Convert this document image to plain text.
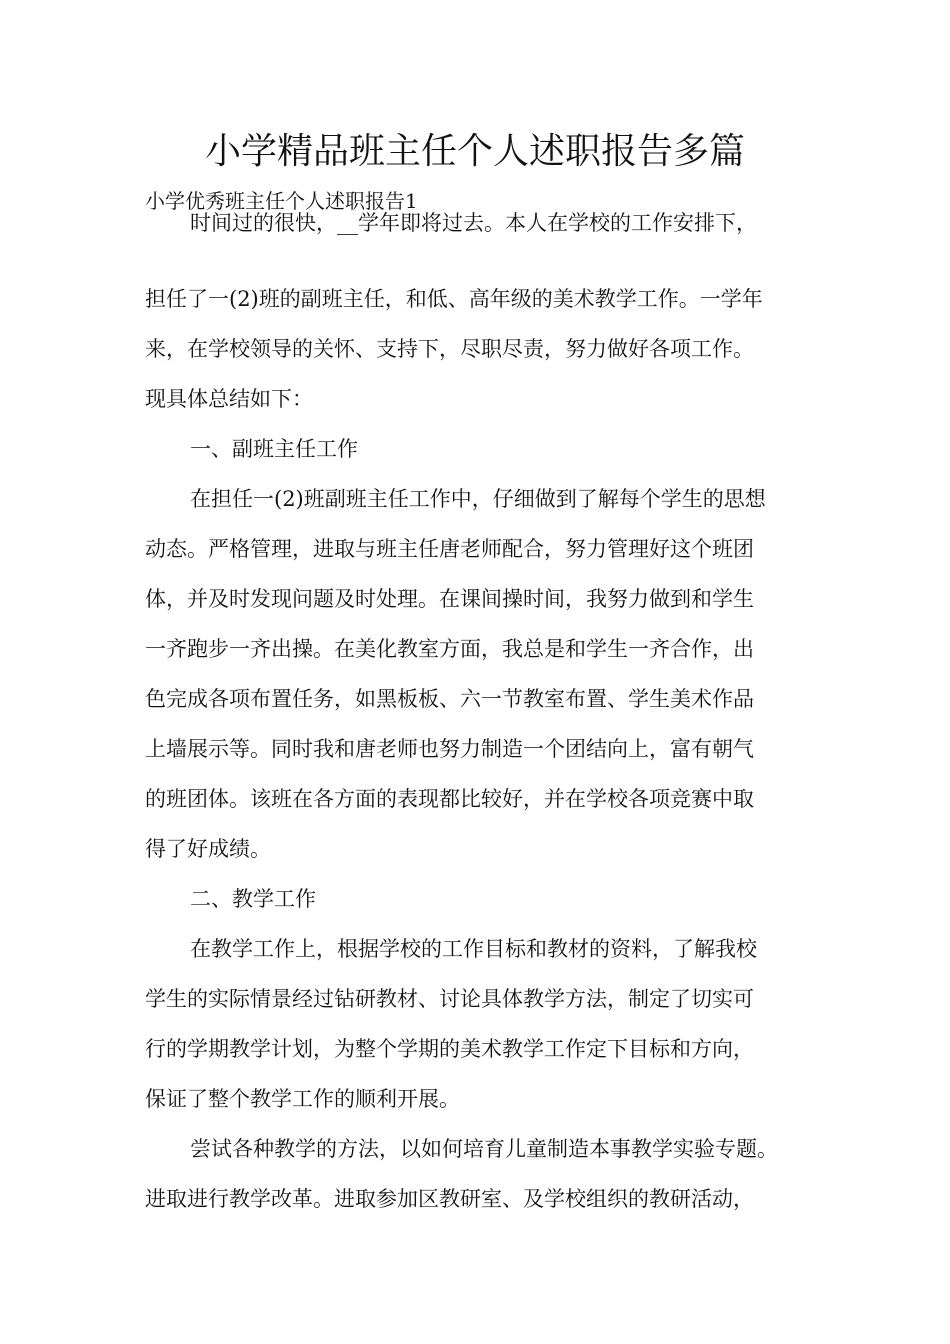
小学精品班主任个人述职报告多篇

小学优秀班主任个人述职报告1

时间过的很快，__学年即将过去。本人在学校的工作安排下，

担任了一(2)班的副班主任，和低、高年级的美术教学工作。一学年

来，在学校领导的关怀、支持下，尽职尽责，努力做好各项工作。

现具体总结如下：

一、副班主任工作

在担任一(2)班副班主任工作中，仔细做到了解每个学生的思想

动态。严格管理，进取与班主任唐老师配合，努力管理好这个班团

体，并及时发现问题及时处理。在课间操时间，我努力做到和学生

一齐跑步一齐出操。在美化教室方面，我总是和学生一齐合作，出

色完成各项布置任务，如黑板板、六一节教室布置、学生美术作品

上墙展示等。同时我和唐老师也努力制造一个团结向上，富有朝气

的班团体。该班在各方面的表现都比较好，并在学校各项竞赛中取

得了好成绩。

二、教学工作

在教学工作上，根据学校的工作目标和教材的资料，了解我校

学生的实际情景经过钻研教材、讨论具体教学方法，制定了切实可

行的学期教学计划，为整个学期的美术教学工作定下目标和方向，

保证了整个教学工作的顺利开展。

尝试各种教学的方法，以如何培育儿童制造本事教学实验专题。

进取进行教学改革。进取参加区教研室、及学校组织的教研活动，
